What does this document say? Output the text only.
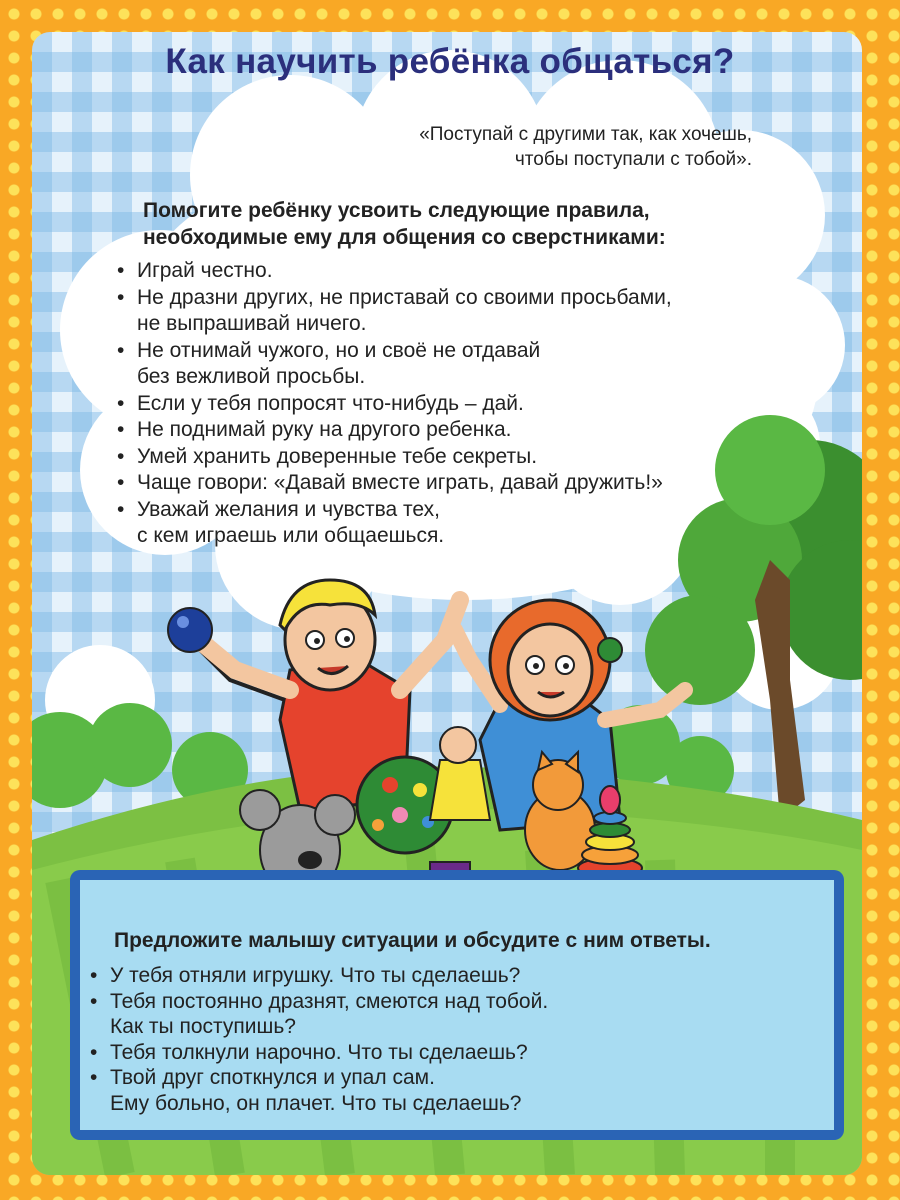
Как научить ребёнка общаться?
«Поступай с другими так, как хочешь,
чтобы поступали с тобой».
Помогите ребёнку усвоить следующие правила,
необходимые ему для общения со сверстниками:
• Играй честно.
• Не дразни других, не приставай со своими просьбами,
не выпрашивай ничего.
• Не отнимай чужого, но и своё не отдавай
без вежливой просьбы.
• Если у тебя попросят что-нибудь – дай.
• Не поднимай руку на другого ребенка.
• Умей хранить доверенные тебе секреты.
• Чаще говори: «Давай вместе играть, давай дружить!»
• Уважай желания и чувства тех,
с кем играешь или общаешься.
Предложите малышу ситуации и обсудите с ним ответы.
• У тебя отняли игрушку. Что ты сделаешь?
• Тебя постоянно дразнят, смеются над тобой.
Как ты поступишь?
• Тебя толкнули нарочно. Что ты сделаешь?
• Твой друг споткнулся и упал сам.
Ему больно, он плачет. Что ты сделаешь?
